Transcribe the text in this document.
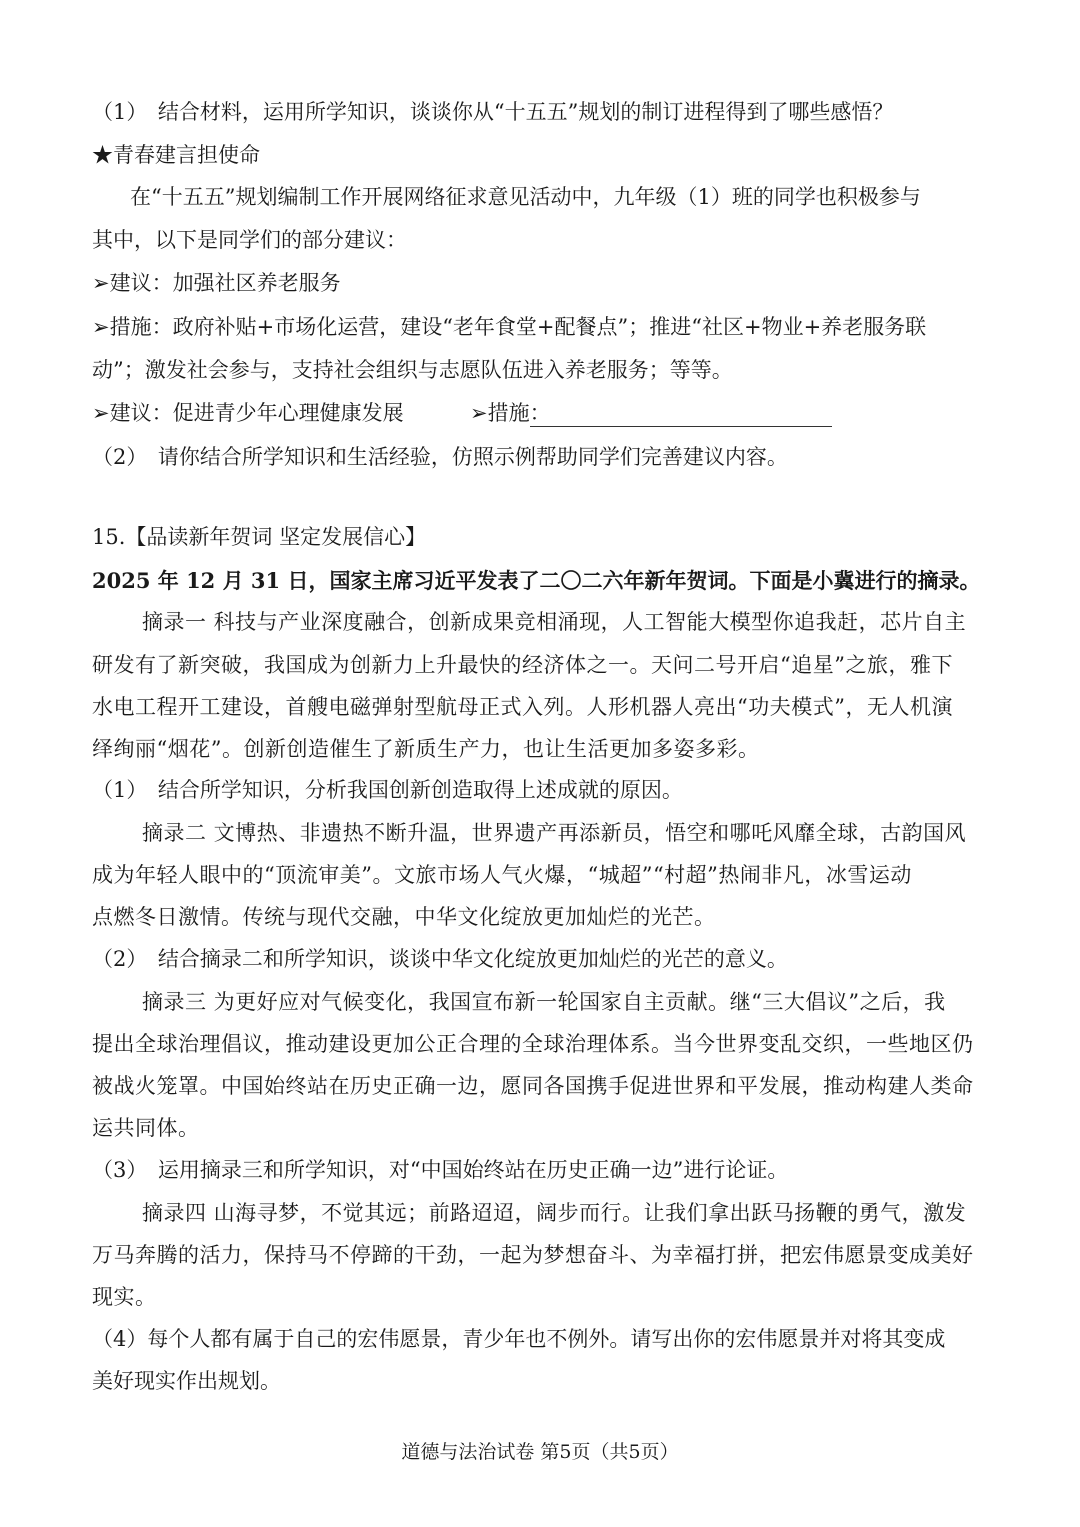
（1）　结合材料，运用所学知识，谈谈你从“十五五”规划的制订进程得到了哪些感悟？
★青春建言担使命
在“十五五”规划编制工作开展网络征求意见活动中，九年级（1）班的同学也积极参与
其中，以下是同学们的部分建议：
➢建议：加强社区养老服务
➢措施：政府补贴+市场化运营，建设“老年食堂+配餐点”；推进“社区+物业+养老服务联
动”；激发社会参与，支持社会组织与志愿队伍进入养老服务；等等。
➢建议：促进青少年心理健康发展	➢措施：
（2）　请你结合所学知识和生活经验，仿照示例帮助同学们完善建议内容。
15.【品读新年贺词 坚定发展信心】
2025 年 12 月 31 日，国家主席习近平发表了二〇二六年新年贺词。下面是小冀进行的摘录。
摘录一 科技与产业深度融合，创新成果竞相涌现，人工智能大模型你追我赶，芯片自主
研发有了新突破，我国成为创新力上升最快的经济体之一。天问二号开启“追星”之旅，雅下
水电工程开工建设，首艘电磁弹射型航母正式入列。人形机器人亮出“功夫模式”，无人机演
绎绚丽“烟花”。创新创造催生了新质生产力，也让生活更加多姿多彩。
（1）　结合所学知识，分析我国创新创造取得上述成就的原因。
摘录二 文博热、非遗热不断升温，世界遗产再添新员，悟空和哪吒风靡全球，古韵国风
成为年轻人眼中的“顶流审美”。文旅市场人气火爆，“城超”“村超”热闹非凡，冰雪运动
点燃冬日激情。传统与现代交融，中华文化绽放更加灿烂的光芒。
（2）　结合摘录二和所学知识，谈谈中华文化绽放更加灿烂的光芒的意义。
摘录三 为更好应对气候变化，我国宣布新一轮国家自主贡献。继“三大倡议”之后，我
提出全球治理倡议，推动建设更加公正合理的全球治理体系。当今世界变乱交织，一些地区仍
被战火笼罩。中国始终站在历史正确一边，愿同各国携手促进世界和平发展，推动构建人类命
运共同体。
（3）　运用摘录三和所学知识，对“中国始终站在历史正确一边”进行论证。
摘录四 山海寻梦，不觉其远；前路迢迢，阔步而行。让我们拿出跃马扬鞭的勇气，激发
万马奔腾的活力，保持马不停蹄的干劲，一起为梦想奋斗、为幸福打拼，把宏伟愿景变成美好
现实。
（4）每个人都有属于自己的宏伟愿景，青少年也不例外。请写出你的宏伟愿景并对将其变成
美好现实作出规划。
道德与法治试卷 第5页（共5页）
